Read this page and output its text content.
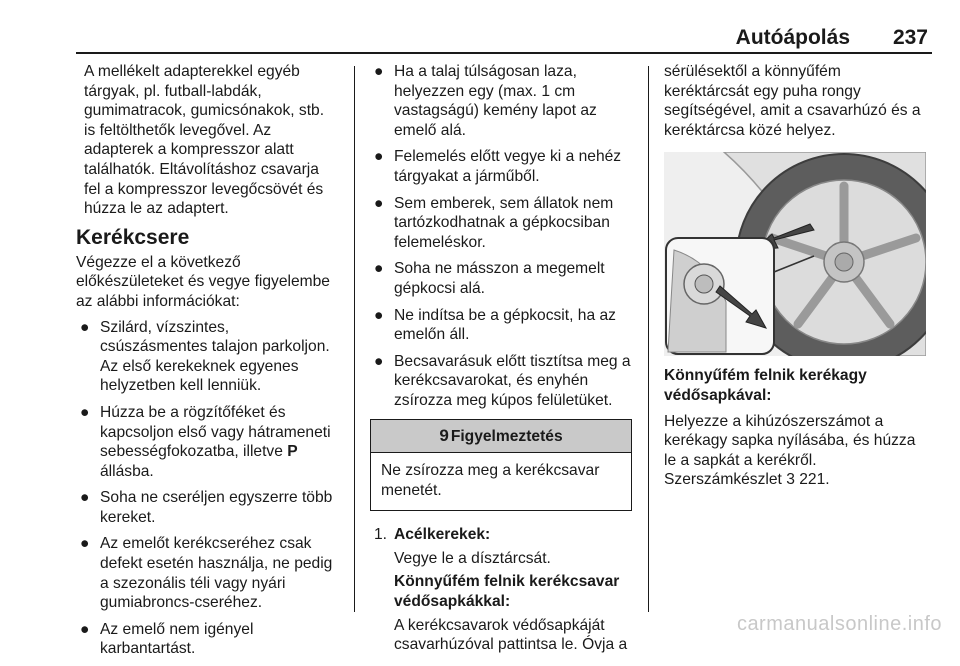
Autóápolás 237

A mellékelt adapterekkel egyéb tárgyak, pl. futball-labdák, gumimatracok, gumicsónakok, stb. is feltölthetők levegővel. Az adapterek a kompresszor alatt találhatók. Eltávolításhoz csavarja fel a kompresszor levegőcsövét és húzza le az adaptert.

Kerékcsere

Végezze el a következő előkészületeket és vegye figyelembe az alábbi információkat:

● Szilárd, vízszintes, csúszásmentes talajon parkoljon. Az első kerekeknek egyenes helyzetben kell lenniük.
● Húzza be a rögzítőféket és kapcsoljon első vagy hátrameneti sebességfokozatba, illetve P állásba.
● Soha ne cseréljen egyszerre több kereket.
● Az emelőt kerékcseréhez csak defekt esetén használja, ne pedig a szezonális téli vagy nyári gumiabroncs-cseréhez.
● Az emelő nem igényel karbantartást.
● Ha a talaj túlságosan laza, helyezzen egy (max. 1 cm vastagságú) kemény lapot az emelő alá.
● Felemelés előtt vegye ki a nehéz tárgyakat a járműből.
● Sem emberek, sem állatok nem tartózkodhatnak a gépkocsiban felemeléskor.
● Soha ne másszon a megemelt gépkocsi alá.
● Ne indítsa be a gépkocsit, ha az emelőn áll.
● Becsavarásuk előtt tisztítsa meg a kerékcsavarokat, és enyhén zsírozza meg kúpos felületüket.
9 Figyelmeztetés
Ne zsírozza meg a kerékcsavar menetét.
1. Acélkerekek:

Vegye le a dísztárcsát.

Könnyűfém felnik kerékcsavar védősapkákkal:

A kerékcsavarok védősapkáját csavarhúzóval pattintsa le. Óvja a

sérülésektől a könnyűfém keréktárcsát egy puha rongy segítségével, amit a csavarhúzó és a keréktárcsa közé helyez.

Könnyűfém felnik kerékagy védősapkával:

Helyezze a kihúzószerszámot a kerékagy sapka nyílásába, és húzza le a sapkát a kerékről.
Szerszámkészlet 3 221.

carmanualsonline.info
